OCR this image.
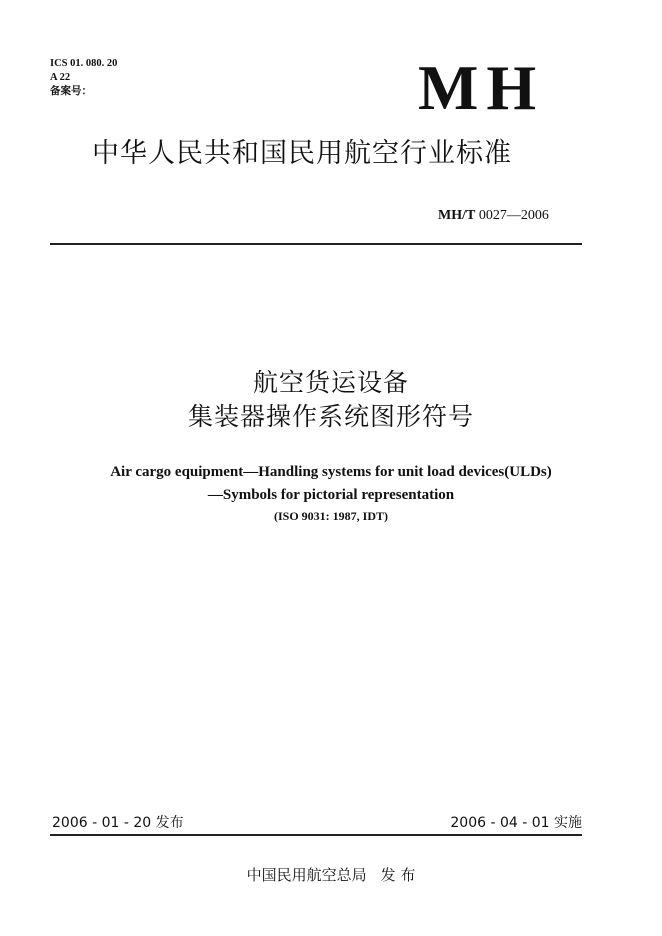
ICS 01. 080. 20
A 22
备案号：	MH
中华人民共和国民用航空行业标准
MH/T 0027—2006
航空货运设备
集装器操作系统图形符号
Air cargo equipment—Handling systems for unit load devices(ULDs)
—Symbols for pictorial representation
(ISO 9031: 1987, IDT)
2006 - 01 - 20 发布	2006 - 04 - 01 实施
中国民用航空总局 发 布
